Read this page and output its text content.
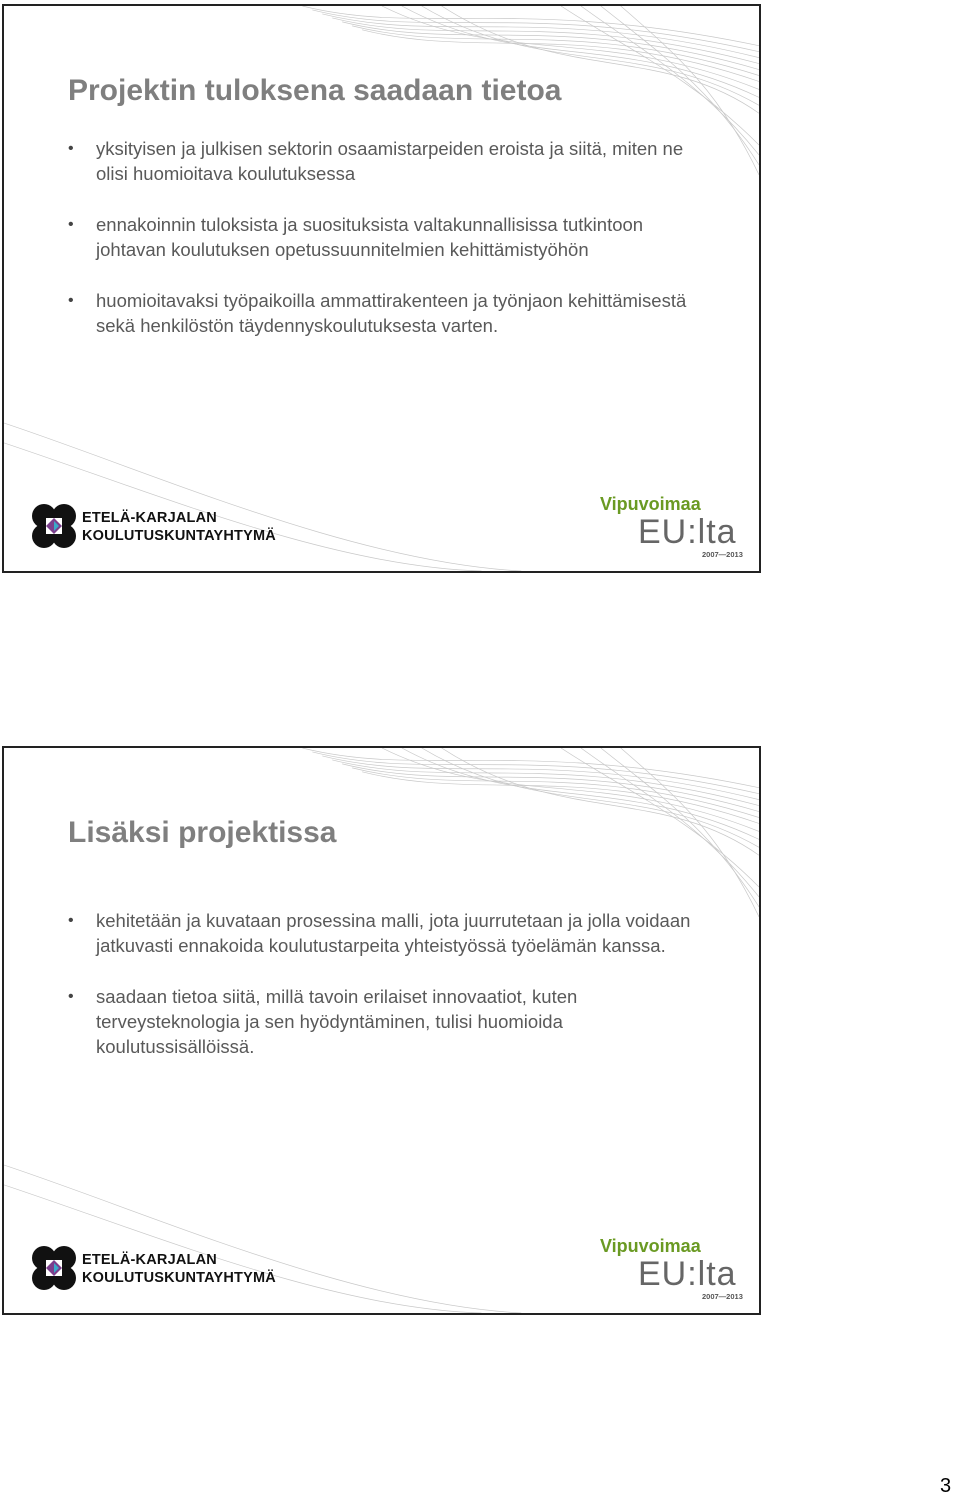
Projektin tuloksena saadaan tietoa
• yksityisen ja julkisen sektorin osaamistarpeiden eroista ja siitä, miten ne olisi huomioitava koulutuksessa
• ennakoinnin tuloksista ja suosituksista valtakunnallisissa tutkintoon johtavan koulutuksen opetussuunnitelmien kehittämistyöhön
• huomioitavaksi työpaikoilla ammattirakenteen ja työnjaon kehittämisestä sekä henkilöstön täydennyskoulutuksesta varten.
ETELÄ-KARJALAN
KOULUTUSKUNTAYHTYMÄ
Vipuvoimaa
EU:lta
2007—2013
Lisäksi projektissa
• kehitetään ja kuvataan prosessina malli, jota juurrutetaan ja jolla voidaan jatkuvasti ennakoida koulutustarpeita yhteistyössä työelämän kanssa.
• saadaan tietoa siitä, millä tavoin erilaiset innovaatiot, kuten terveysteknologia ja sen hyödyntäminen, tulisi huomioida koulutussisällöissä.
ETELÄ-KARJALAN
KOULUTUSKUNTAYHTYMÄ
Vipuvoimaa
EU:lta
2007—2013
3
